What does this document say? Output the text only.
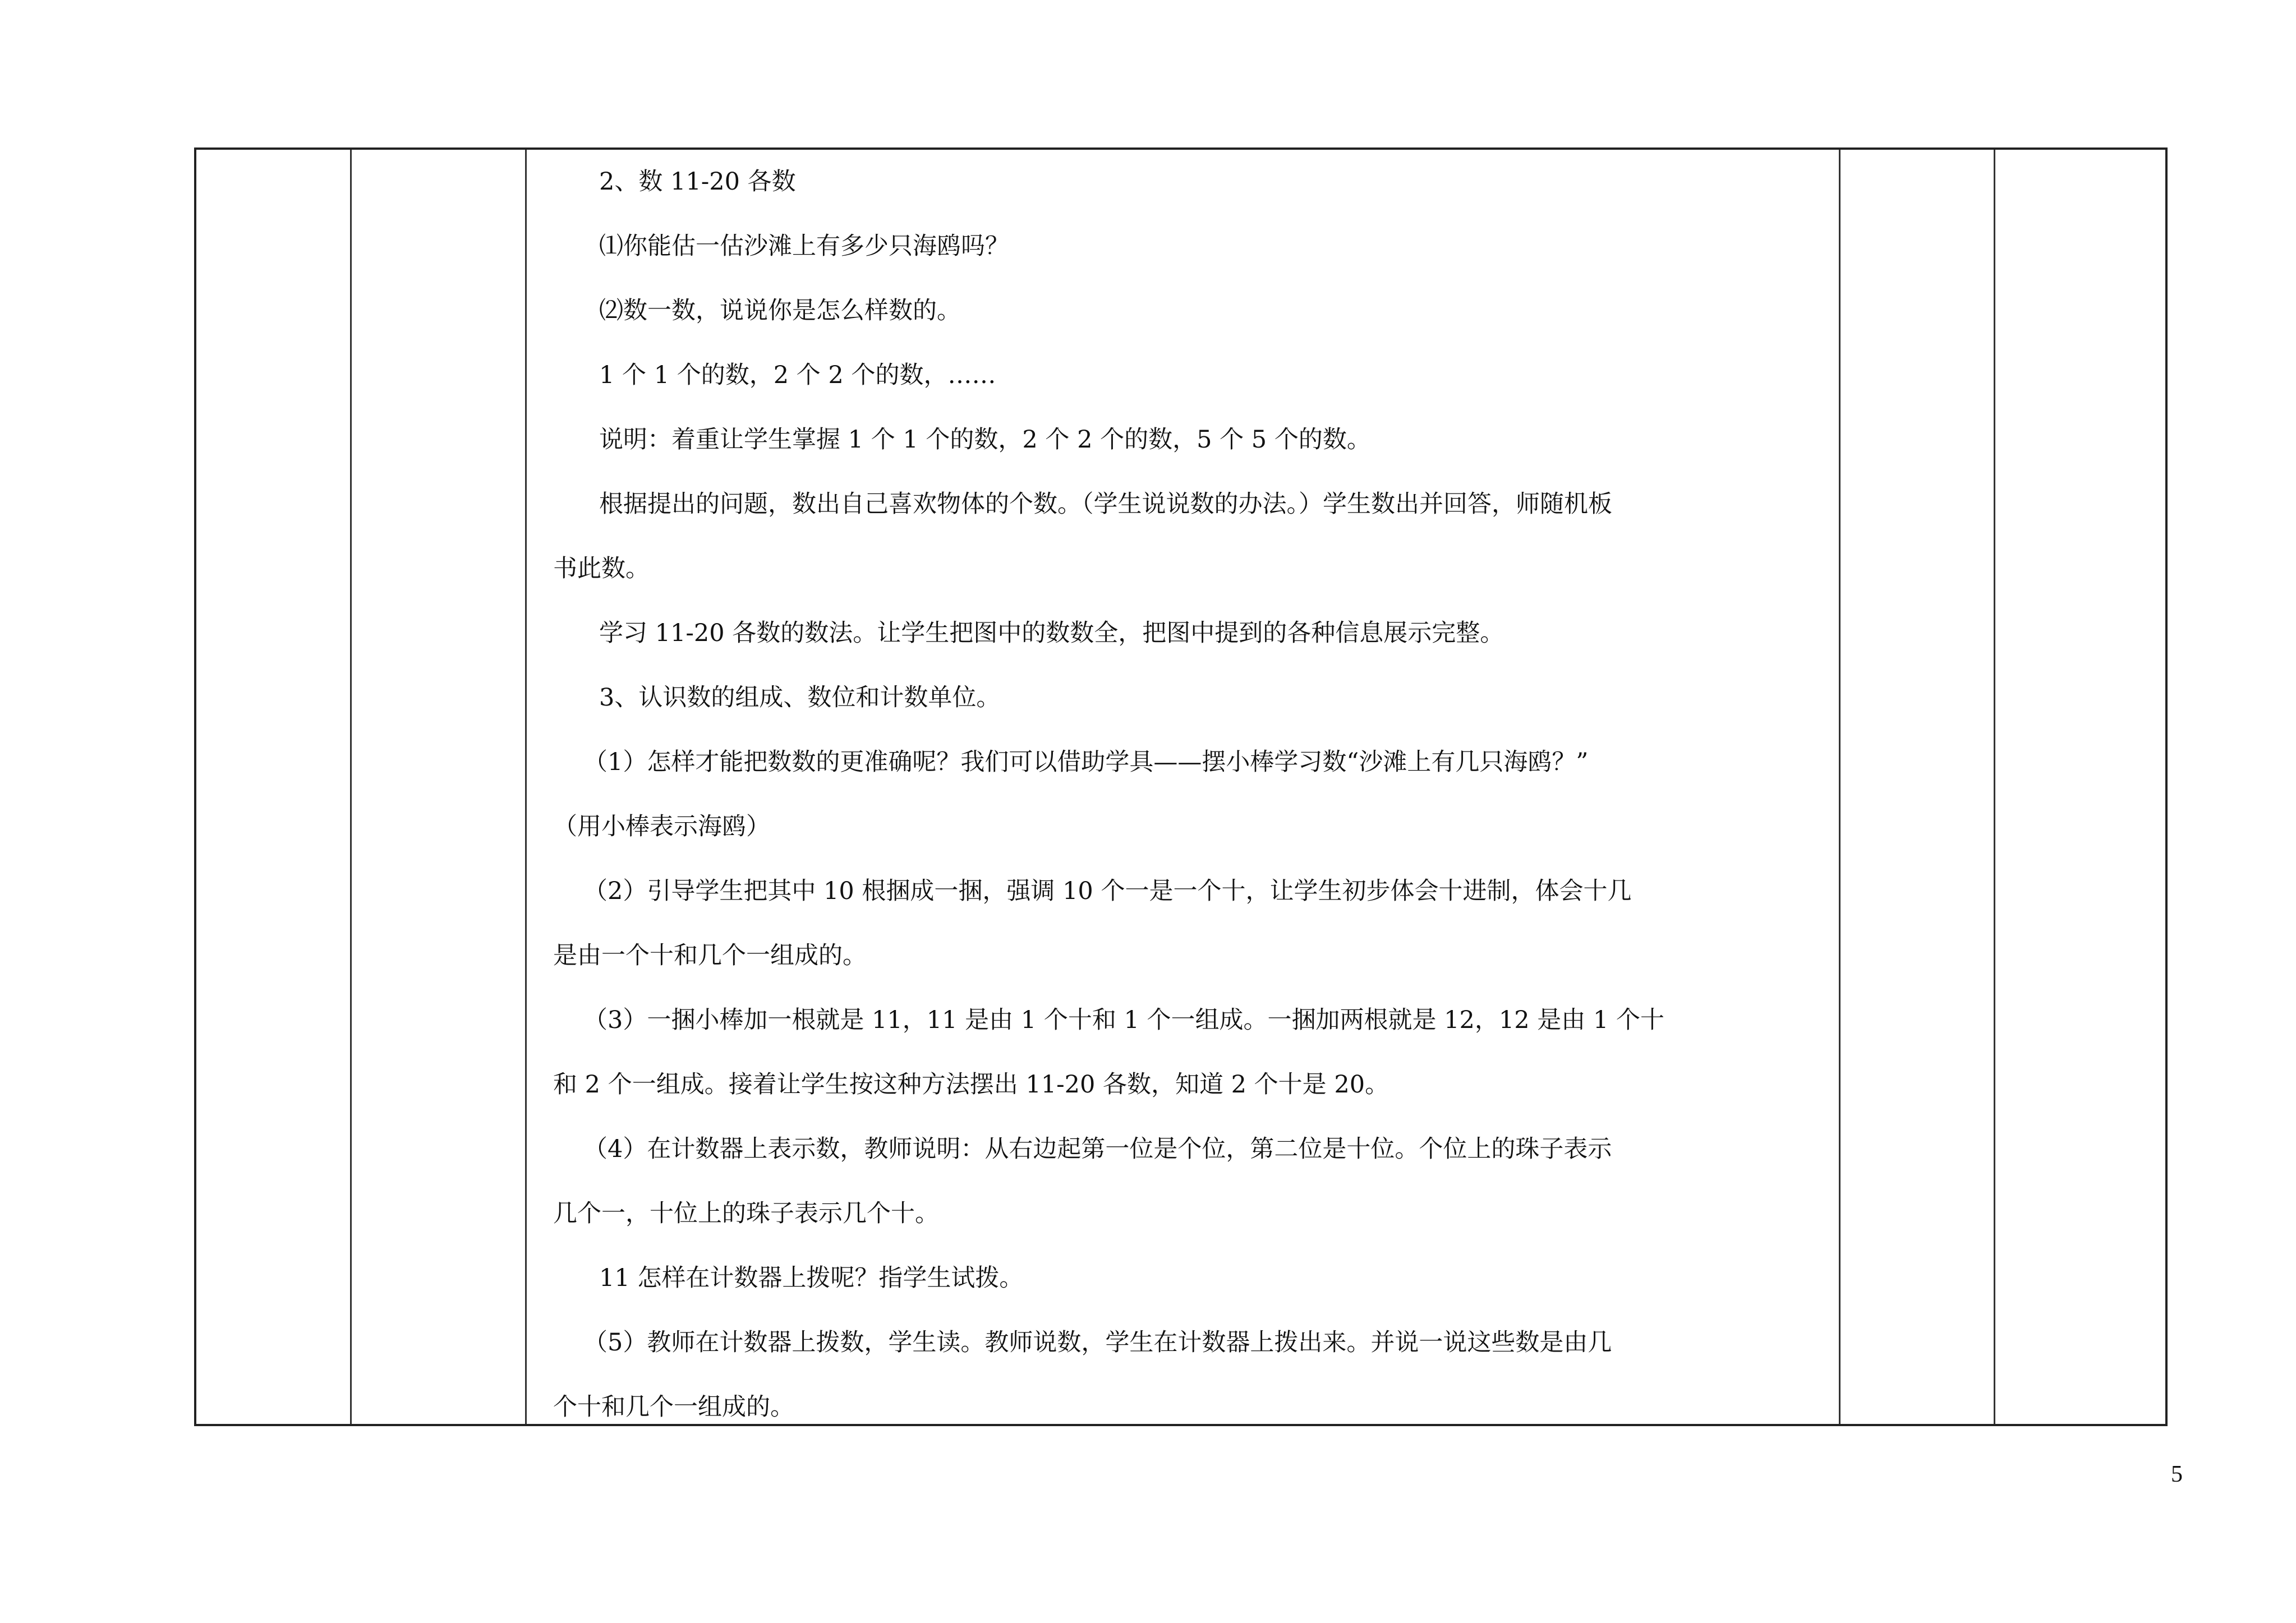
2、数 11-20 各数

⑴你能估一估沙滩上有多少只海鸥吗？

⑵数一数，说说你是怎么样数的。

1 个 1 个的数，2 个 2 个的数，……

说明：着重让学生掌握 1 个 1 个的数，2 个 2 个的数，5 个 5 个的数。

根据提出的问题，数出自己喜欢物体的个数。（学生说说数的办法。）学生数出并回答，师随机板

书此数。

学习 11-20 各数的数法。让学生把图中的数数全，把图中提到的各种信息展示完整。

3、认识数的组成、数位和计数单位。

（1）怎样才能把数数的更准确呢？我们可以借助学具——摆小棒学习数“沙滩上有几只海鸥？”

（用小棒表示海鸥）

（2）引导学生把其中 10 根捆成一捆，强调 10 个一是一个十，让学生初步体会十进制，体会十几

是由一个十和几个一组成的。

（3）一捆小棒加一根就是 11，11 是由 1 个十和 1 个一组成。一捆加两根就是 12，12 是由 1 个十

和 2 个一组成。接着让学生按这种方法摆出 11-20 各数，知道 2 个十是 20。

（4）在计数器上表示数，教师说明：从右边起第一位是个位，第二位是十位。个位上的珠子表示

几个一，十位上的珠子表示几个十。

11 怎样在计数器上拨呢？指学生试拨。

（5）教师在计数器上拨数，学生读。教师说数，学生在计数器上拨出来。并说一说这些数是由几

个十和几个一组成的。

5
